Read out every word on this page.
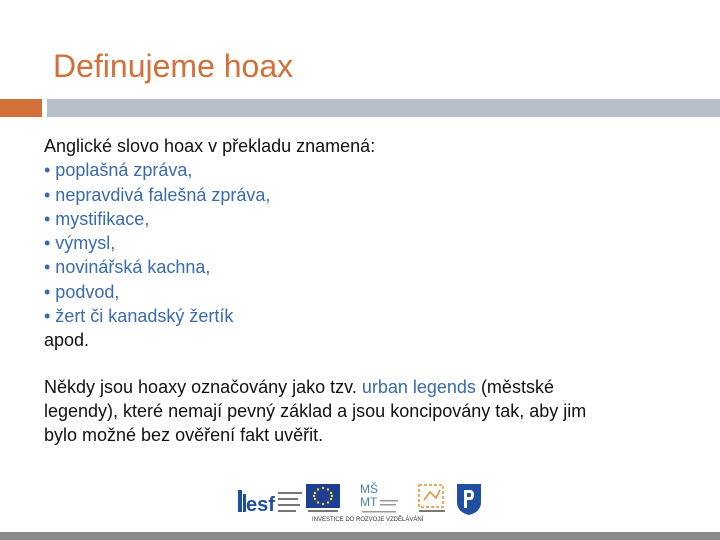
Definujeme hoax
Anglické slovo hoax v překladu znamená:
• poplašná zpráva,
• nepravdivá falešná zpráva,
• mystifikace,
• výmysl,
• novinářská kachna,
• podvod,
• žert či kanadský žertík
apod.
Někdy jsou hoaxy označovány jako tzv. urban legends (městské
legendy), které nemají pevný základ a jsou koncipovány tak, aby jim
bylo možné bez ověření fakt uvěřit.
esf
MŠ
MT
INVESTICE DO ROZVOJE VZDĚLÁVÁNÍ
